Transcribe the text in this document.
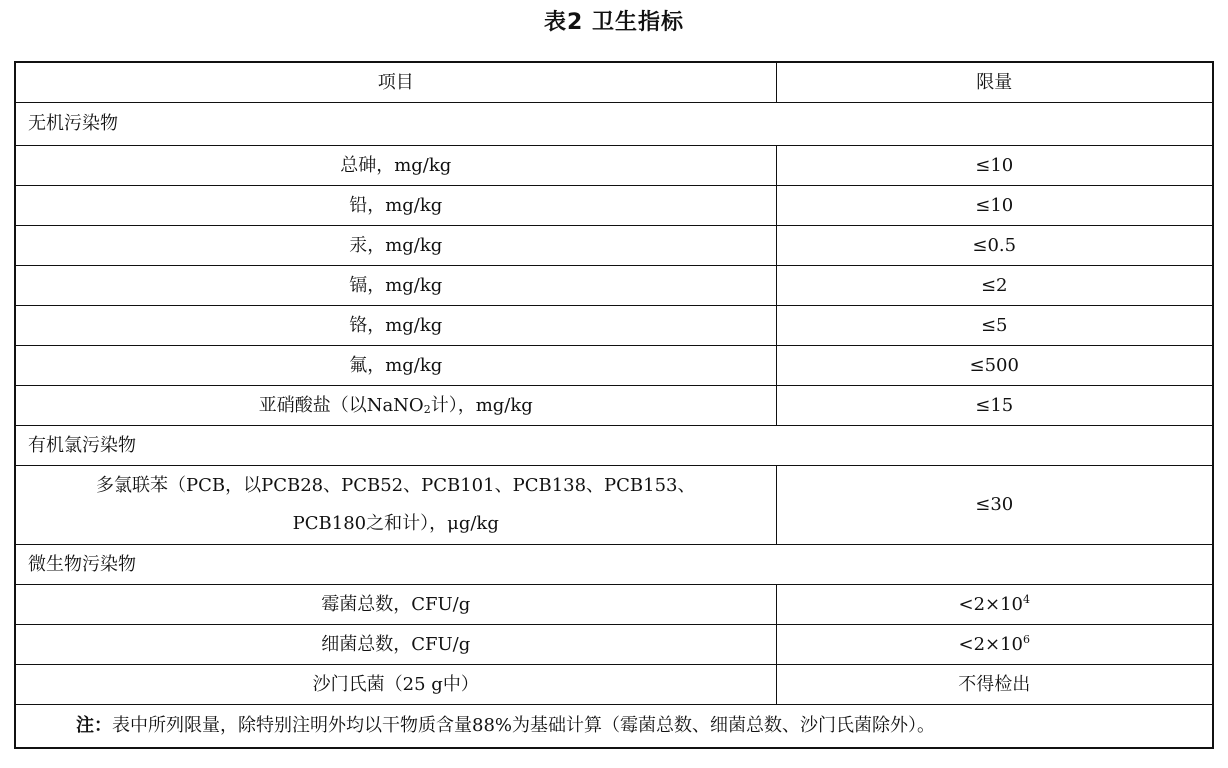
表2 卫生指标
项目	限量
无机污染物	
总砷，mg/kg	≤10
铅，mg/kg	≤10
汞，mg/kg	≤0.5
镉，mg/kg	≤2
铬，mg/kg	≤5
氟，mg/kg	≤500
亚硝酸盐（以NaNO$_2$计），mg/kg	≤15
有机氯污染物	

多氯联苯（PCB，以PCB28、PCB52、PCB101、PCB138、PCB153、
PCB180之和计），μg/kg	≤30
微生物污染物	
霉菌总数，CFU/g	$<2\times 10^4$
细菌总数，CFU/g	$<2\times 10^6$
沙门氏菌（25 g中）	不得检出
注：表中所列限量，除特别注明外均以干物质含量88%为基础计算（霉菌总数、细菌总数、沙门氏菌除外）。	
